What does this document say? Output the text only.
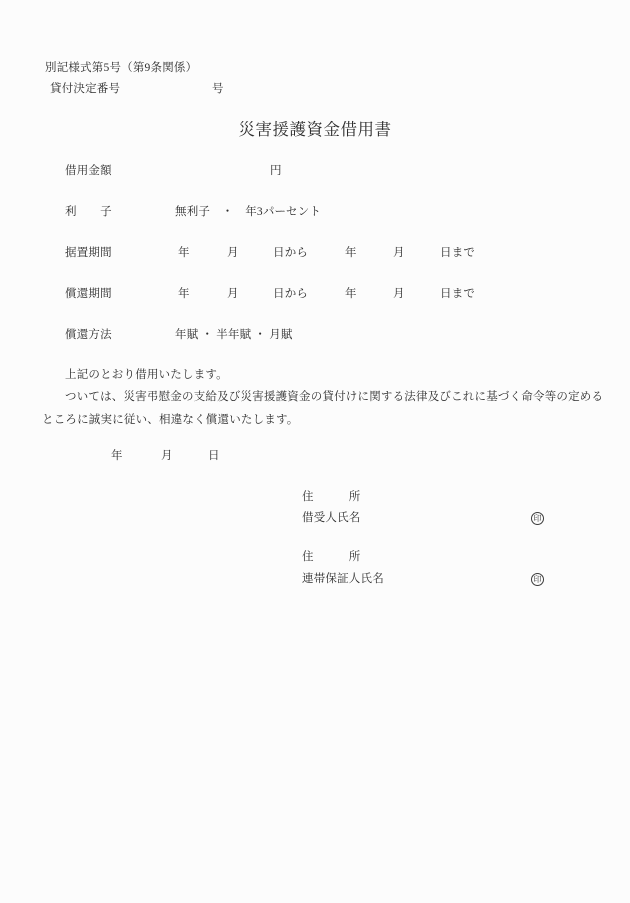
別記様式第5号（第9条関係）
貸付決定番号	号
災害援護資金借用書
借用金額	円
利　　子	無利子　・　年3パーセント
据置期間	年	月	日から	年	月	日まで
償還期間	年	月	日から	年	月	日まで
償還方法	年賦 ・ 半年賦 ・ 月賦
上記のとおり借用いたします。
ついては、災害弔慰金の支給及び災害援護資金の貸付けに関する法律及びこれに基づく命令等の定める
ところに誠実に従い、相違なく償還いたします。
年	月	日
住　　　所
借受人氏名	印
住　　　所
連帯保証人氏名	印
